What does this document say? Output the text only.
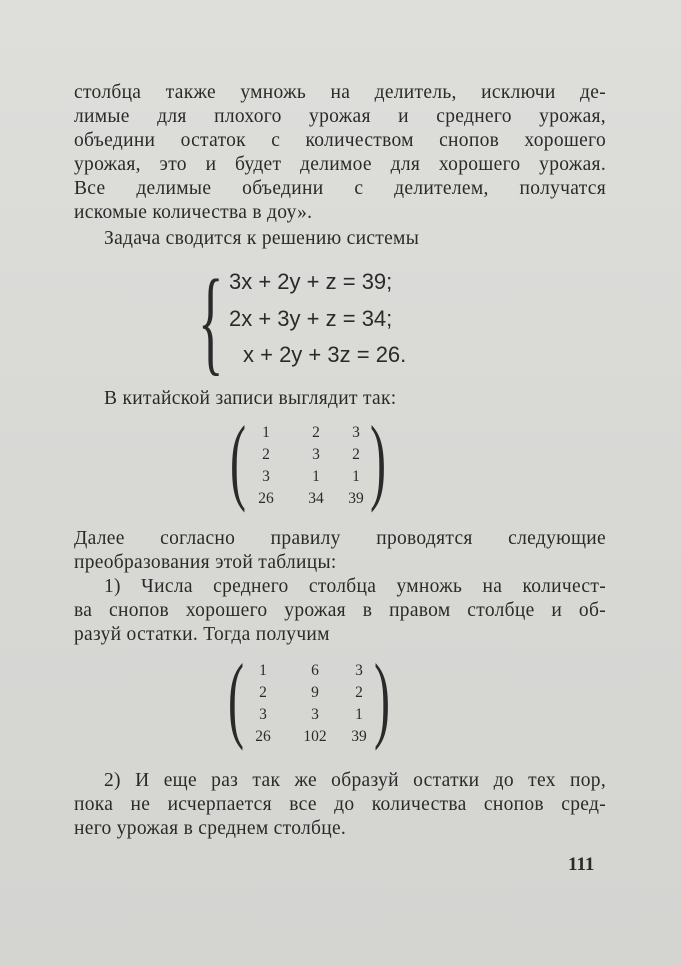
столбца также умножь на делитель, исключи де-
лимые для плохого урожая и среднего урожая,
объедини остаток с количеством снопов хорошего
урожая, это и будет делимое для хорошего урожая.
Все делимые объедини с делителем, получатся
искомые количества в доу».
Задача сводится к решению системы
{ 3x + 2y + z = 39;
2x + 3y + z = 34;
x + 2y + 3z = 26.
В китайской записи выглядит так:
( )
1	2	3
2	3	2
3	1	1
26	34	39
Далее согласно правилу проводятся следующие
преобразования этой таблицы:
1) Числа среднего столбца умножь на количест-
ва снопов хорошего урожая в правом столбце и об-
разуй остатки. Тогда получим
( )
1	6	3
2	9	2
3	3	1
26	102	39
2) И еще раз так же образуй остатки до тех пор,
пока не исчерпается все до количества снопов сред-
него урожая в среднем столбце.
111
